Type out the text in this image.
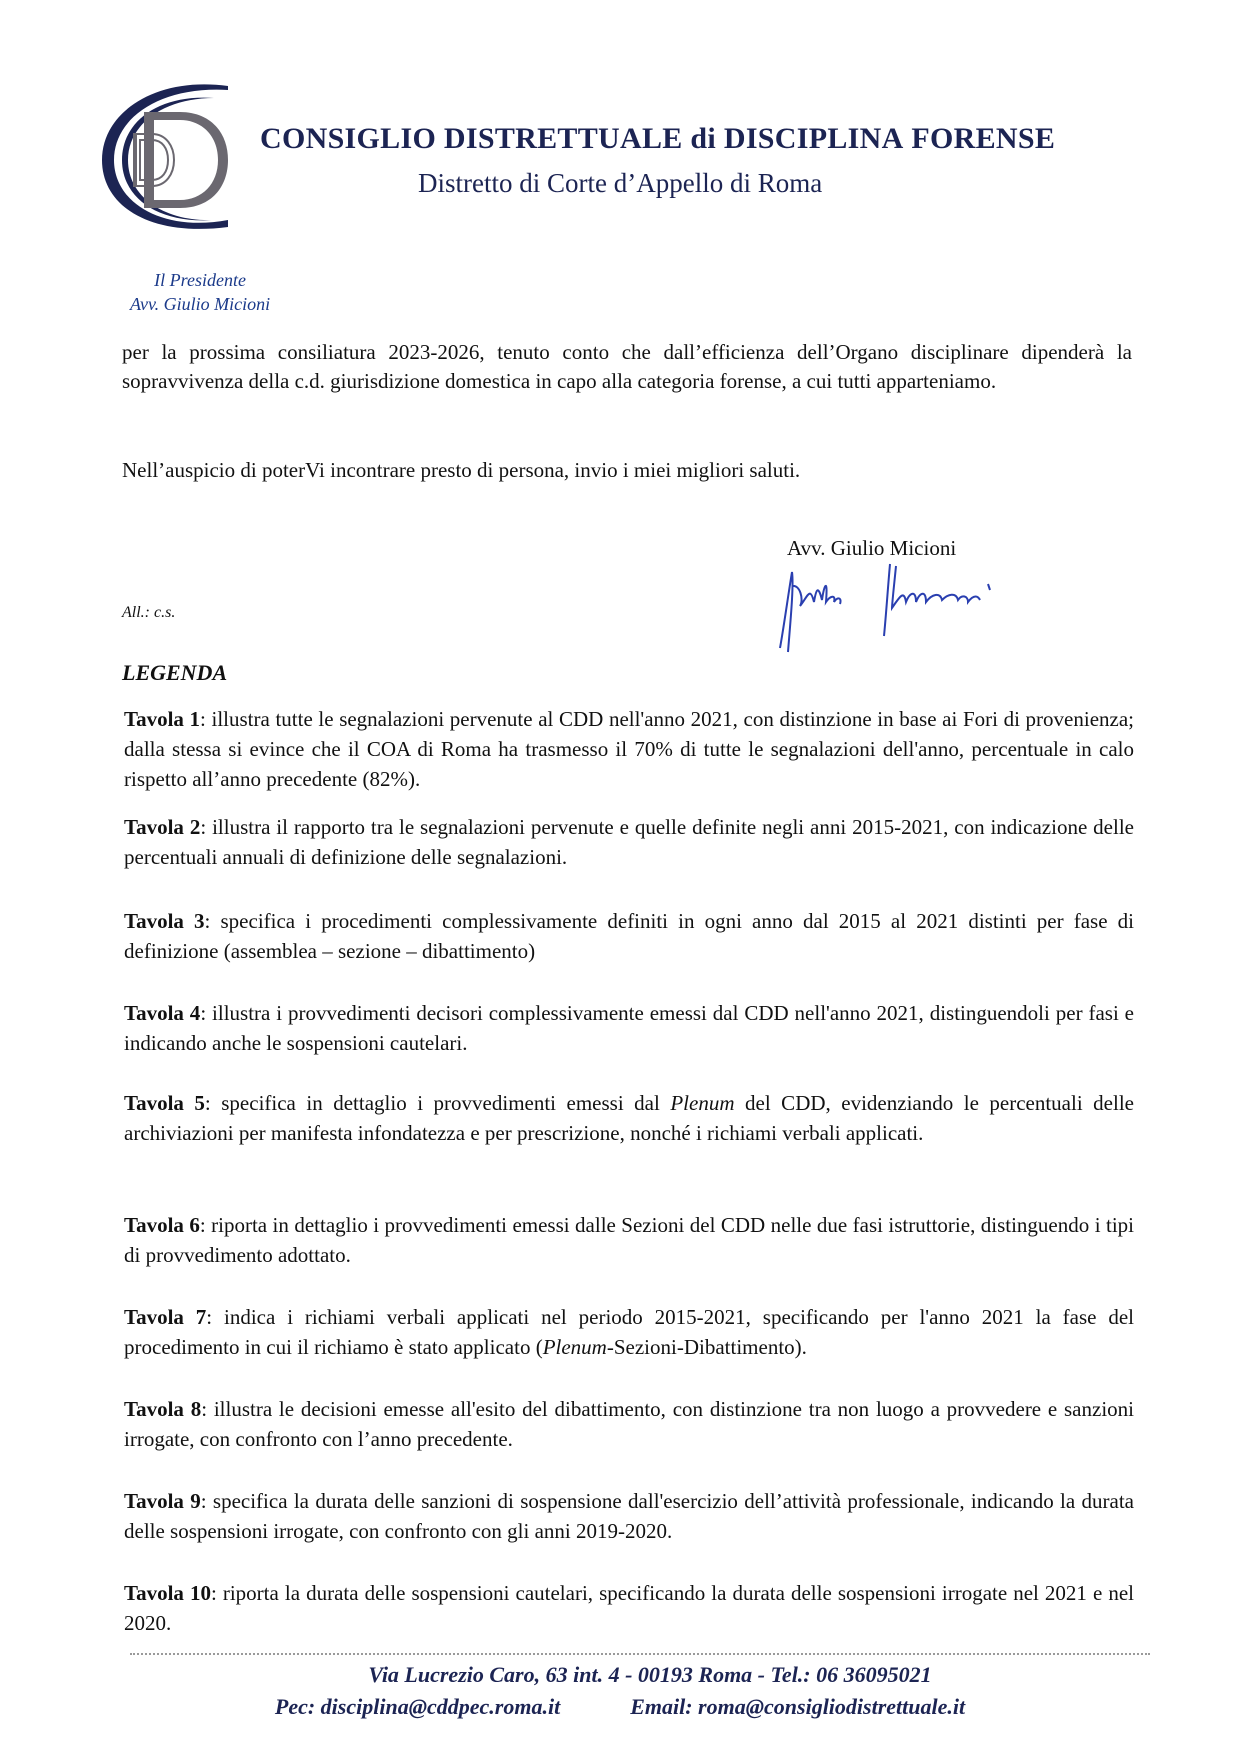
CONSIGLIO DISTRETTUALE di DISCIPLINA FORENSE
Distretto di Corte d’Appello di Roma
Il Presidente
Avv. Giulio Micioni
per la prossima consiliatura 2023-2026, tenuto conto che dall’efficienza dell’Organo disciplinare dipenderà la sopravvivenza della c.d. giurisdizione domestica in capo alla categoria forense, a cui tutti apparteniamo.
Nell’auspicio di poterVi incontrare presto di persona, invio i miei migliori saluti.
Avv. Giulio Micioni
All.: c.s.
LEGENDA
Tavola 1: illustra tutte le segnalazioni pervenute al CDD nell'anno 2021, con distinzione in base ai Fori di provenienza; dalla stessa si evince che il COA di Roma ha trasmesso il 70% di tutte le segnalazioni dell'anno, percentuale in calo rispetto all’anno precedente (82%).
Tavola 2: illustra il rapporto tra le segnalazioni pervenute e quelle definite negli anni 2015-2021, con indicazione delle percentuali annuali di definizione delle segnalazioni.
Tavola 3: specifica i procedimenti complessivamente definiti in ogni anno dal 2015 al 2021 distinti per fase di definizione (assemblea – sezione – dibattimento)
Tavola 4: illustra i provvedimenti decisori complessivamente emessi dal CDD nell'anno 2021, distinguendoli per fasi e indicando anche le sospensioni cautelari.
Tavola 5: specifica in dettaglio i provvedimenti emessi dal Plenum del CDD, evidenziando le percentuali delle archiviazioni per manifesta infondatezza e per prescrizione, nonché i richiami verbali applicati.
Tavola 6: riporta in dettaglio i provvedimenti emessi dalle Sezioni del CDD nelle due fasi istruttorie, distinguendo i tipi di provvedimento adottato.
Tavola 7: indica i richiami verbali applicati nel periodo 2015-2021, specificando per l'anno 2021 la fase del procedimento in cui il richiamo è stato applicato (Plenum-Sezioni-Dibattimento).
Tavola 8: illustra le decisioni emesse all'esito del dibattimento, con distinzione tra non luogo a provvedere e sanzioni irrogate, con confronto con l’anno precedente.
Tavola 9: specifica la durata delle sanzioni di sospensione dall'esercizio dell’attività professionale, indicando la durata delle sospensioni irrogate, con confronto con gli anni 2019-2020.
Tavola 10: riporta la durata delle sospensioni cautelari, specificando la durata delle sospensioni irrogate nel 2021 e nel 2020.
Via Lucrezio Caro, 63 int. 4 - 00193 Roma - Tel.: 06 36095021
Pec: disciplina@cddpec.roma.it	Email: roma@consigliodistrettuale.it
